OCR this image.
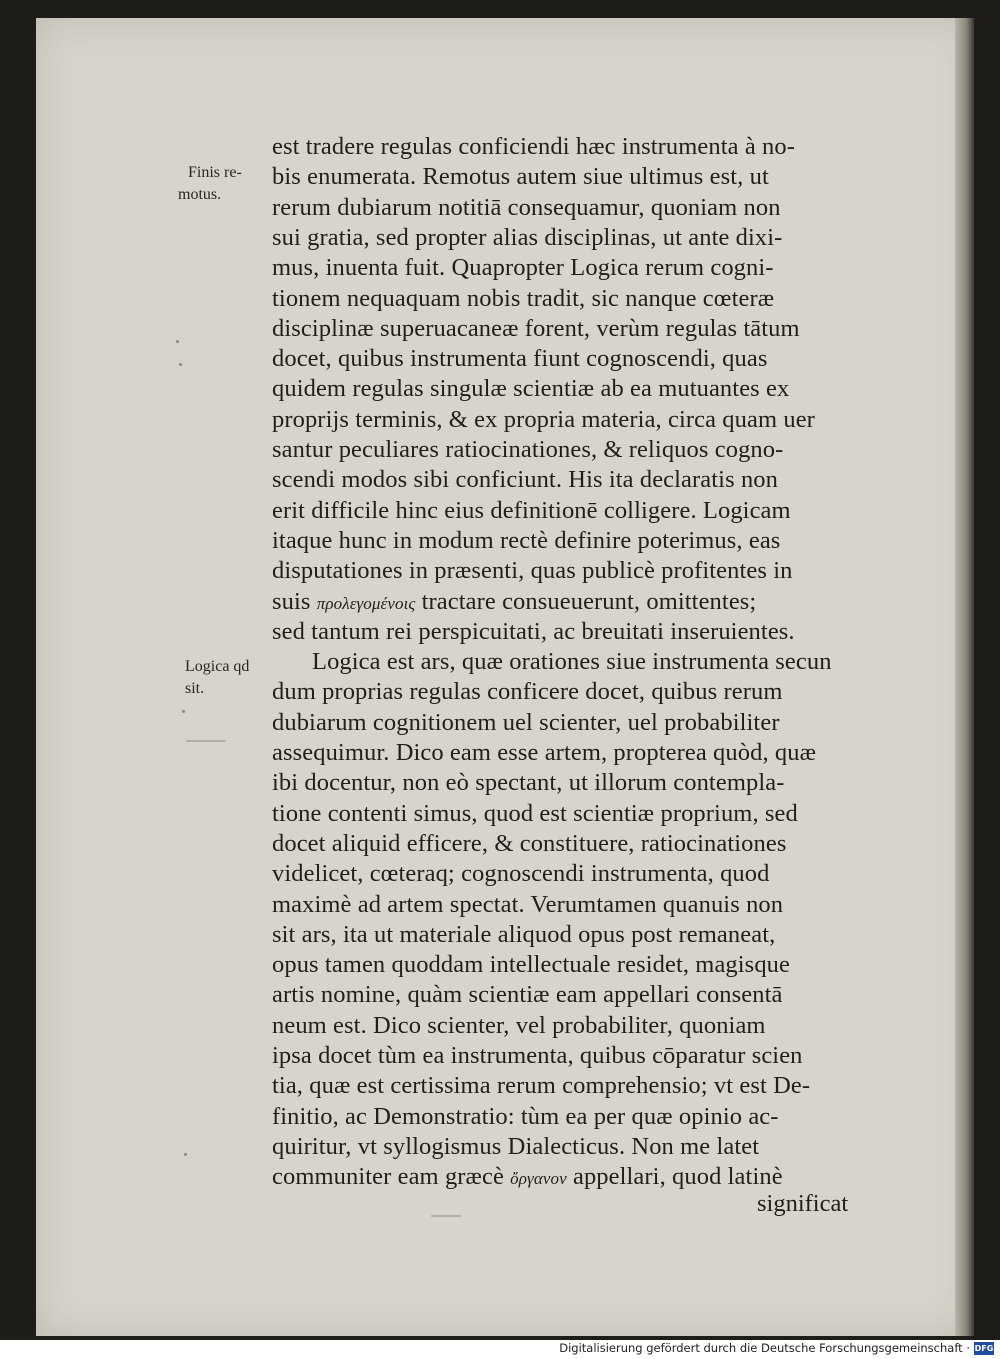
Finis re-
motus.
Logica qd
sit.
est tradere regulas conficiendi hæc instrumenta à no-
bis enumerata. Remotus autem siue ultimus est, ut
rerum dubiarum notitiā consequamur, quoniam non
sui gratia, sed propter alias disciplinas, ut ante dixi-
mus, inuenta fuit. Quapropter Logica rerum cogni-
tionem nequaquam nobis tradit, sic nanque cœteræ
disciplinæ superuacaneæ forent, verùm regulas tātum
docet, quibus instrumenta fiunt cognoscendi, quas
quidem regulas singulæ scientiæ ab ea mutuantes ex
proprijs terminis, & ex propria materia, circa quam uer
santur peculiares ratiocinationes, & reliquos cogno-
scendi modos sibi conficiunt. His ita declaratis non
erit difficile hinc eius definitionē colligere. Logicam
itaque hunc in modum rectè definire poterimus, eas
disputationes in præsenti, quas publicè profitentes in
suis προλεγομένοις tractare consueuerunt, omittentes;
sed tantum rei perspicuitati, ac breuitati inseruientes.
Logica est ars, quæ orationes siue instrumenta secun
dum proprias regulas conficere docet, quibus rerum
dubiarum cognitionem uel scienter, uel probabiliter
assequimur. Dico eam esse artem, propterea quòd, quæ
ibi docentur, non eò spectant, ut illorum contempla-
tione contenti simus, quod est scientiæ proprium, sed
docet aliquid efficere, & constituere, ratiocinationes
videlicet, cœteraq; cognoscendi instrumenta, quod
maximè ad artem spectat. Verumtamen quanuis non
sit ars, ita ut materiale aliquod opus post remaneat,
opus tamen quoddam intellectuale residet, magisque
artis nomine, quàm scientiæ eam appellari consentā
neum est. Dico scienter, vel probabiliter, quoniam
ipsa docet tùm ea instrumenta, quibus cōparatur scien
tia, quæ est certissima rerum comprehensio; vt est De-
finitio, ac Demonstratio: tùm ea per quæ opinio ac-
quiritur, vt syllogismus Dialecticus. Non me latet
communiter eam græcè ὄργανον appellari, quod latinè
significat
Digitalisierung gefördert durch die Deutsche Forschungsgemeinschaft · DFG
